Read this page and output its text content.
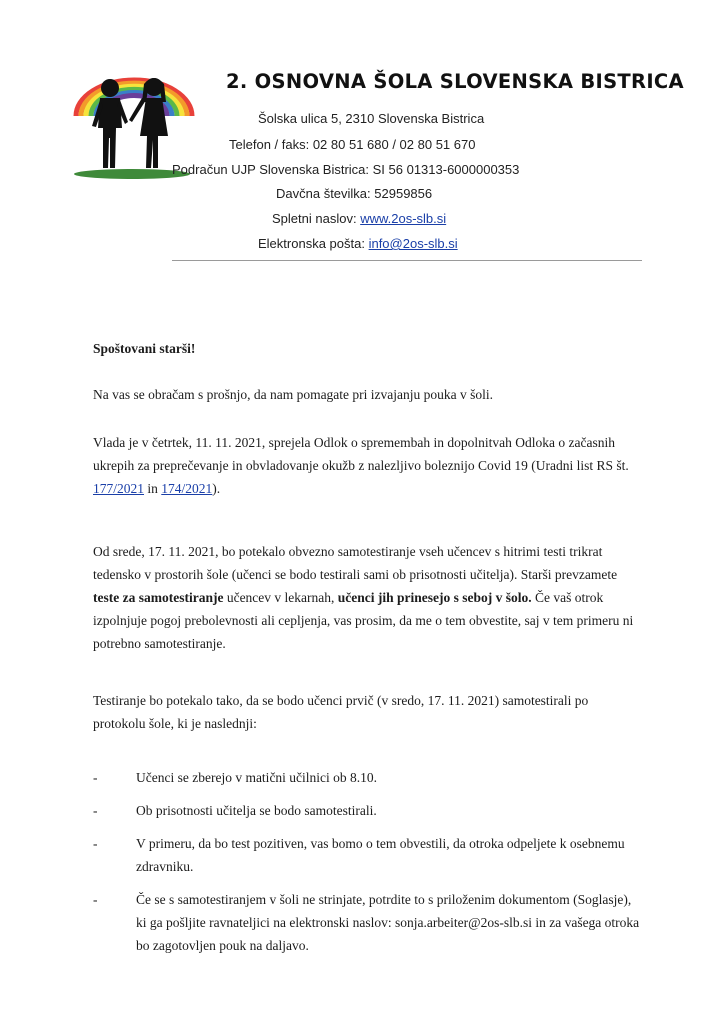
2. OSNOVNA ŠOLA SLOVENSKA BISTRICA
Šolska ulica 5, 2310 Slovenska Bistrica
Telefon / faks: 02 80 51 680 / 02 80 51 670
Podračun UJP Slovenska Bistrica: SI 56 01313-6000000353
Davčna številka: 52959856
Spletni naslov: www.2os-slb.si
Elektronska pošta: info@2os-slb.si
Spoštovani starši!
Na vas se obračam s prošnjo, da nam pomagate pri izvajanju pouka v šoli.
Vlada je v četrtek, 11. 11. 2021, sprejela Odlok o spremembah in dopolnitvah Odloka o začasnih ukrepih za preprečevanje in obvladovanje okužb z nalezljivo boleznijo Covid 19 (Uradni list RS št. 177/2021 in 174/2021).
Od srede, 17. 11. 2021, bo potekalo obvezno samotestiranje vseh učencev s hitrimi testi trikrat tedensko v prostorih šole (učenci se bodo testirali sami ob prisotnosti učitelja). Starši prevzamete teste za samotestiranje učencev v lekarnah, učenci jih prinesejo s seboj v šolo. Če vaš otrok izpolnjuje pogoj prebolevnosti ali cepljenja, vas prosim, da me o tem obvestite, saj v tem primeru ni potrebno samotestiranje.
Testiranje bo potekalo tako, da se bodo učenci prvič (v sredo, 17. 11. 2021) samotestirali po protokolu šole, ki je naslednji:
-	Učenci se zberejo v matični učilnici ob 8.10.
-	Ob prisotnosti učitelja se bodo samotestirali.
-	V primeru, da bo test pozitiven, vas bomo o tem obvestili, da otroka odpeljete k osebnemu zdravniku.
-	Če se s samotestiranjem v šoli ne strinjate, potrdite to s priloženim dokumentom (Soglasje), ki ga pošljite ravnateljici na elektronski naslov: sonja.arbeiter@2os-slb.si in za vašega otroka bo zagotovljen pouk na daljavo.
